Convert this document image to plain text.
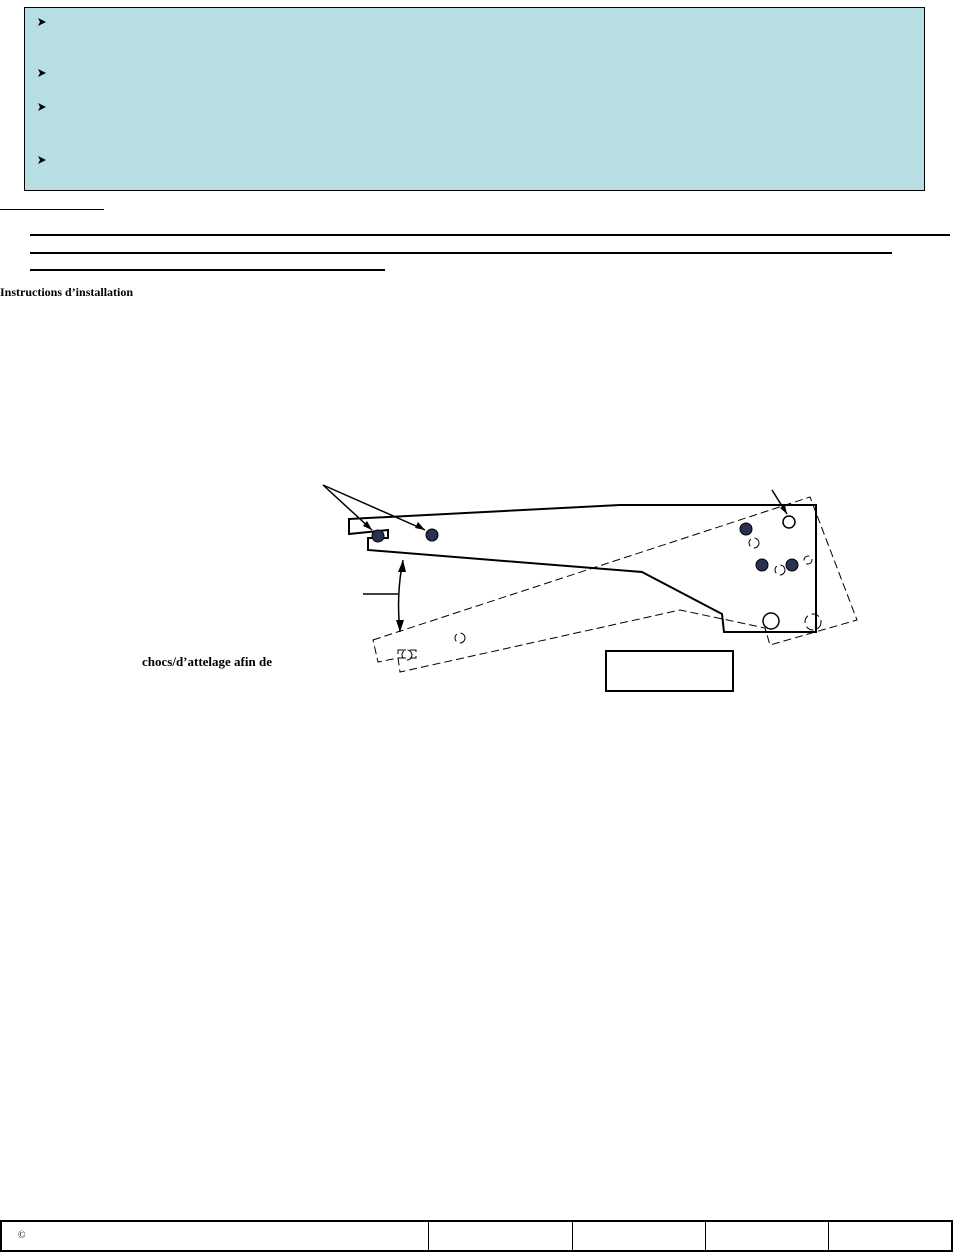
Instructions d’installation
chocs/d’attelage afin de
©
